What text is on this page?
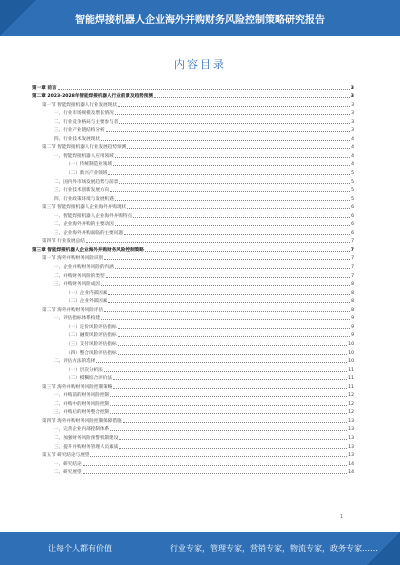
智能焊接机器人企业海外并购财务风险控制策略研究报告
内容目录
第一章 前言	3
第二章 2023-2028年智能焊接机器人行业前景及趋势预测	3
第一节 智能焊接机器人行业发展现状	3
一、行业市场规模及增长情况	3
二、行业竞争格局与主要参与者	3
三、行业产业链结构分析	3
四、行业技术发展现状	4
第二节 智能焊接机器人行业发展趋势预测	4
一、智能焊接机器人应用领域	4
（一）传统制造业领域	4
（二）新兴产业领域	5
二、国内外市场发展趋势与前景	5
三、行业技术创新发展方向	5
四、行业政策环境与发展机遇	5
第三节 智能焊接机器人企业海外并购现状	6
一、智能焊接机器人企业海外并购特点	6
二、企业海外并购的主要动因	6
三、企业海外并购面临的主要问题	6
第四节 行业发展总结	7
第三章 智能焊接机器人企业海外并购财务风险控制策略	7
第一节 海外并购财务风险识别	7
一、企业并购财务风险的内涵	7
二、并购财务风险的类型	7
三、并购财务风险成因	8
（一）企业内部因素	8
（二）企业外部因素	8
第二节 海外并购财务风险评估	8
一、评估指标体系构建	9
（一）定价风险评估指标	9
（二）融资风险评估指标	9
（三）支付风险评估指标	10
（四）整合风险评估指标	10
二、评估方法的选择	10
（一）层次分析法	11
（二）模糊综合评价法	11
第三节 海外并购财务风险控制策略	11
一、并购前的财务风险控制	12
二、并购中的财务风险控制	12
三、并购后的财务整合控制	12
第四节 海外并购财务风险控制保障措施	13
一、完善企业内部控制体系	13
二、加强财务风险预警机制建设	13
三、提升并购财务管理人员素质	13
第五节 研究结论与展望	13
一、研究结论	14
二、研究展望	14
1
让每个人都有价值	行业专家，管理专家，营销专家，物流专家，政务专家……
